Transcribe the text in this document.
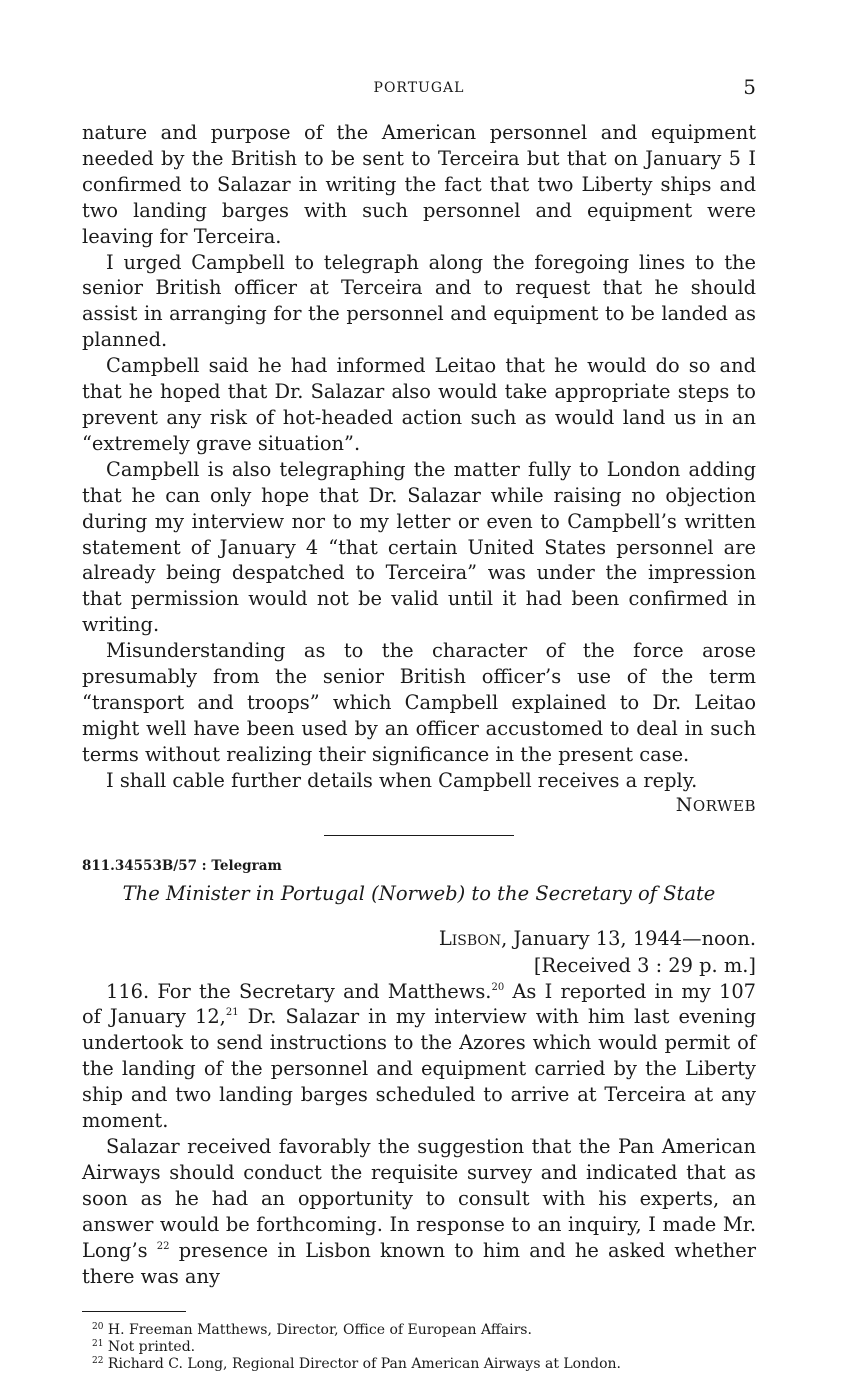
PORTUGAL	5

nature and purpose of the American personnel and equipment needed by the British to be sent to Terceira but that on January 5 I confirmed to Salazar in writing the fact that two Liberty ships and two landing barges with such personnel and equipment were leaving for Terceira.

I urged Campbell to telegraph along the foregoing lines to the senior British officer at Terceira and to request that he should assist in arranging for the personnel and equipment to be landed as planned.

Campbell said he had informed Leitao that he would do so and that he hoped that Dr. Salazar also would take appropriate steps to prevent any risk of hot-headed action such as would land us in an “extremely grave situation”.

Campbell is also telegraphing the matter fully to London adding that he can only hope that Dr. Salazar while raising no objection during my interview nor to my letter or even to Campbell’s written statement of January 4 “that certain United States personnel are already being despatched to Terceira” was under the impression that permission would not be valid until it had been confirmed in writing.

Misunderstanding as to the character of the force arose presumably from the senior British officer’s use of the term “transport and troops” which Campbell explained to Dr. Leitao might well have been used by an officer accustomed to deal in such terms without realizing their significance in the present case.

I shall cable further details when Campbell receives a reply.

NORWEB
811.34553B/57 : Telegram
The Minister in Portugal (Norweb) to the Secretary of State
Lisbon, January 13, 1944—noon.
[Received 3 : 29 p. m.]

116. For the Secretary and Matthews.$^{20}$ As I reported in my 107 of January 12,21 Dr. Salazar in my interview with him last evening undertook to send instructions to the Azores which would permit of the landing of the personnel and equipment carried by the Liberty ship and two landing barges scheduled to arrive at Terceira at any moment.

Salazar received favorably the suggestion that the Pan American Airways should conduct the requisite survey and indicated that as soon as he had an opportunity to consult with his experts, an answer would be forthcoming. In response to an inquiry, I made Mr. Long’s $^{22}$ presence in Lisbon known to him and he asked whether there was any

$^{20}$ H. Freeman Matthews, Director, Office of European Affairs.
$^{21}$ Not printed.
$^{22}$ Richard C. Long, Regional Director of Pan American Airways at London.
